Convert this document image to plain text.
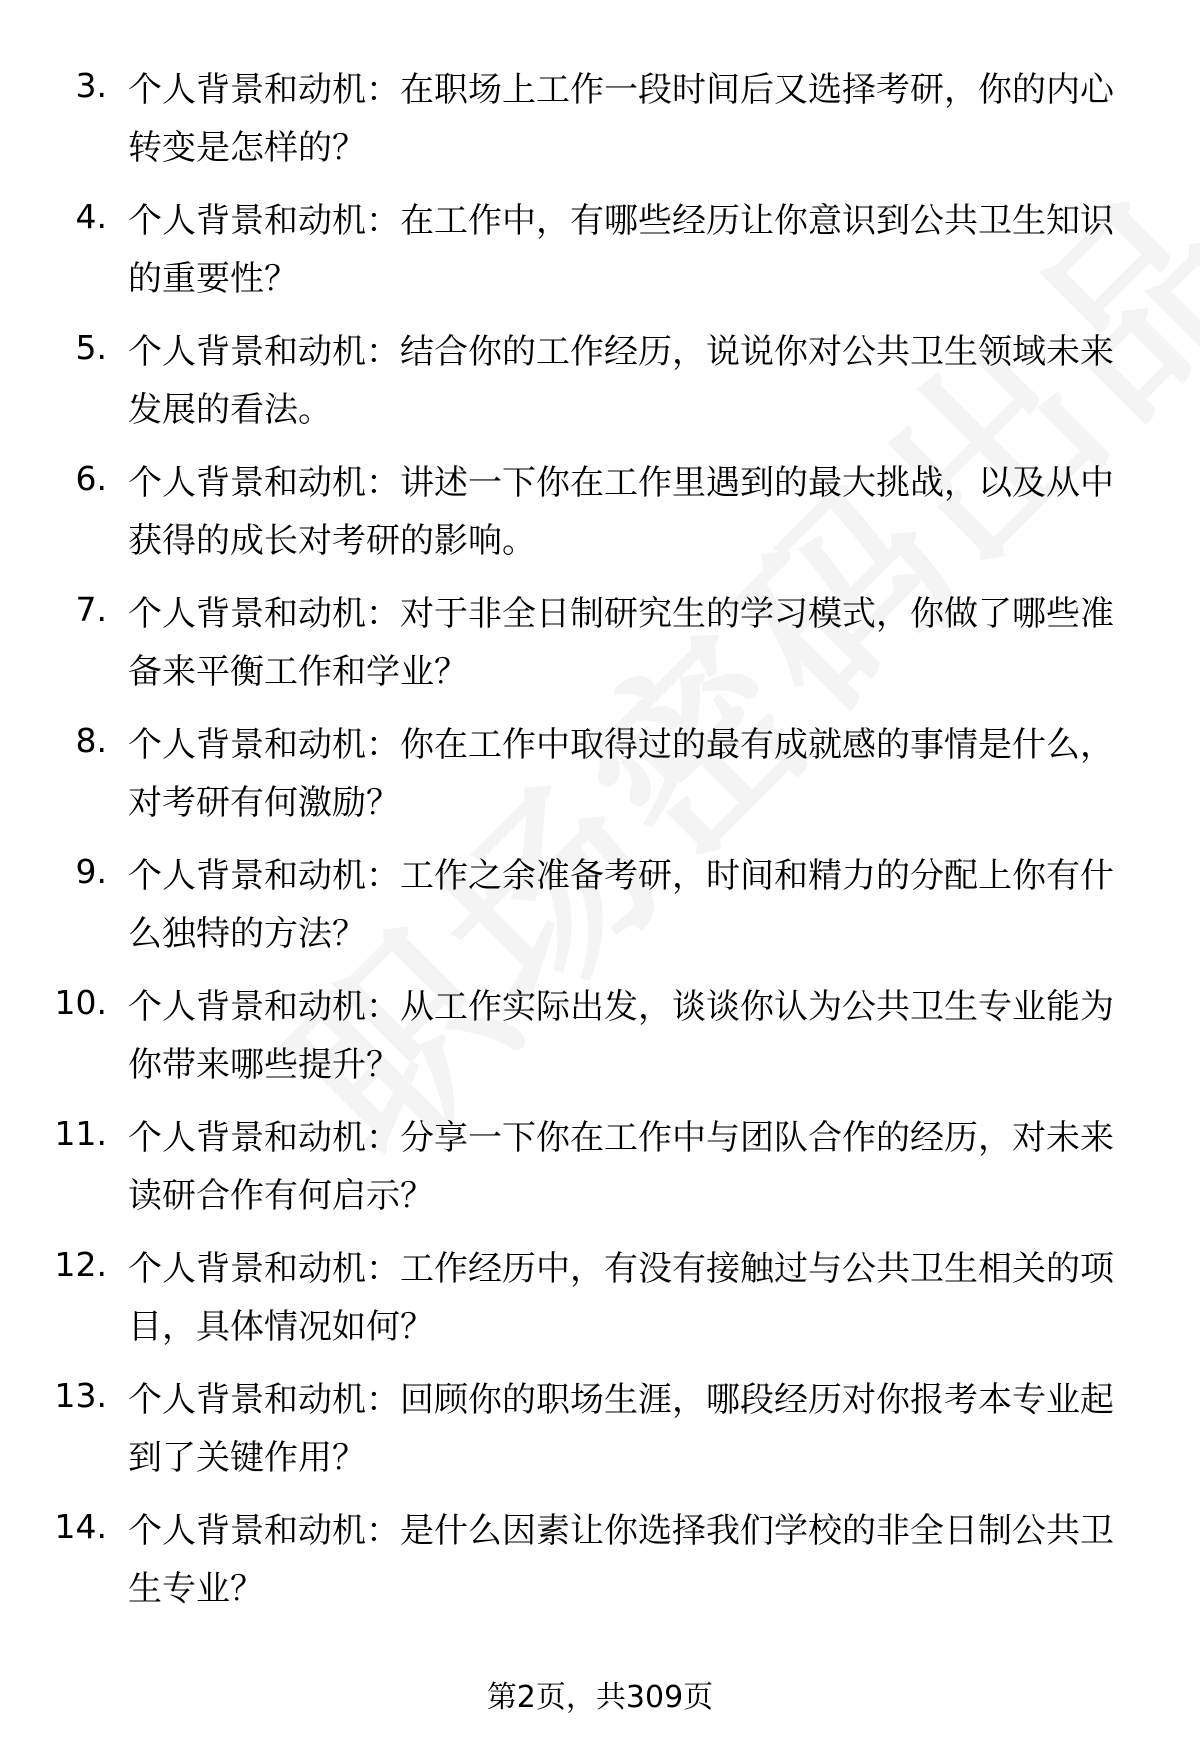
3. 个人背景和动机：在职场上工作一段时间后又选择考研，你的内心转变是怎样的？
4. 个人背景和动机：在工作中，有哪些经历让你意识到公共卫生知识的重要性？
5. 个人背景和动机：结合你的工作经历，说说你对公共卫生领域未来发展的看法。
6. 个人背景和动机：讲述一下你在工作里遇到的最大挑战，以及从中获得的成长对考研的影响。
7. 个人背景和动机：对于非全日制研究生的学习模式，你做了哪些准备来平衡工作和学业？
8. 个人背景和动机：你在工作中取得过的最有成就感的事情是什么，对考研有何激励？
9. 个人背景和动机：工作之余准备考研，时间和精力的分配上你有什么独特的方法？
10. 个人背景和动机：从工作实际出发，谈谈你认为公共卫生专业能为你带来哪些提升？
11. 个人背景和动机：分享一下你在工作中与团队合作的经历，对未来读研合作有何启示？
12. 个人背景和动机：工作经历中，有没有接触过与公共卫生相关的项目，具体情况如何？
13. 个人背景和动机：回顾你的职场生涯，哪段经历对你报考本专业起到了关键作用？
14. 个人背景和动机：是什么因素让你选择我们学校的非全日制公共卫生专业？
第2页，共309页
